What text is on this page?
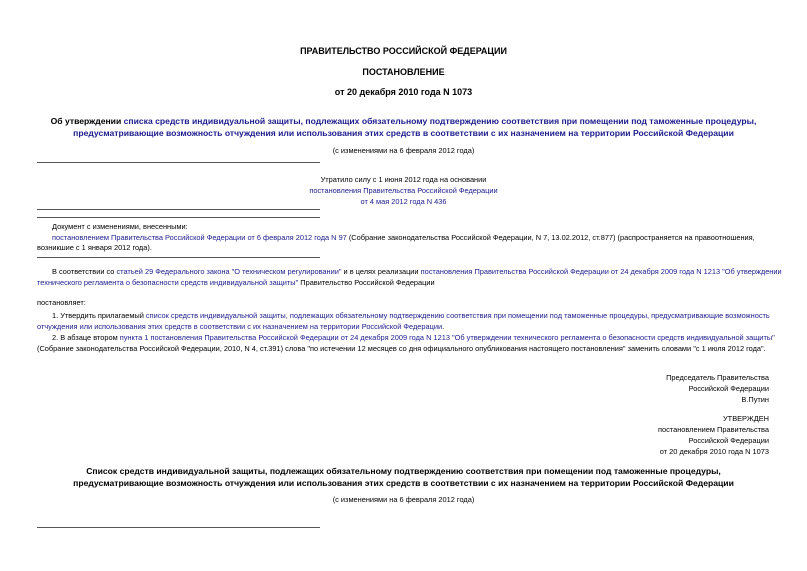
ПРАВИТЕЛЬСТВО РОССИЙСКОЙ ФЕДЕРАЦИИ
ПОСТАНОВЛЕНИЕ
от 20 декабря 2010 года N 1073
Об утверждении списка средств индивидуальной защиты, подлежащих обязательному подтверждению соответствия при помещении под таможенные процедуры,
предусматривающие возможность отчуждения или использования этих средств в соответствии с их назначением на территории Российской Федерации
(с изменениями на 6 февраля 2012 года)
Утратило силу с 1 июня 2012 года на основании
постановления Правительства Российской Федерации
от 4 мая 2012 года N 436
Документ с изменениями, внесенными:
постановлением Правительства Российской Федерации от 6 февраля 2012 года N 97 (Собрание законодательства Российской Федерации, N 7, 13.02.2012, ст.877) (распространяется на правоотношения,
возникшие с 1 января 2012 года).
В соответствии со статьей 29 Федерального закона "О техническом регулировании" и в целях реализации постановления Правительства Российской Федерации от 24 декабря 2009 года N 1213 "Об утверждении
технического регламента о безопасности средств индивидуальной защиты" Правительство Российской Федерации
постановляет:
1. Утвердить прилагаемый список средств индивидуальной защиты, подлежащих обязательному подтверждению соответствия при помещении под таможенные процедуры, предусматривающие возможность
отчуждения или использования этих средств в соответствии с их назначением на территории Российской Федерации.
2. В абзаце втором пункта 1 постановления Правительства Российской Федерации от 24 декабря 2009 года N 1213 "Об утверждении технического регламента о безопасности средств индивидуальной защиты"
(Собрание законодательства Российской Федерации, 2010, N 4, ст.391) слова "по истечении 12 месяцев со дня официального опубликования настоящего постановления" заменить словами "с 1 июля 2012 года".
Председатель Правительства
Российской Федерации
В.Путин
УТВЕРЖДЕН
постановлением Правительства
Российской Федерации
от 20 декабря 2010 года N 1073
Список средств индивидуальной защиты, подлежащих обязательному подтверждению соответствия при помещении под таможенные процедуры,
предусматривающие возможность отчуждения или использования этих средств в соответствии с их назначением на территории Российской Федерации
(с изменениями на 6 февраля 2012 года)
